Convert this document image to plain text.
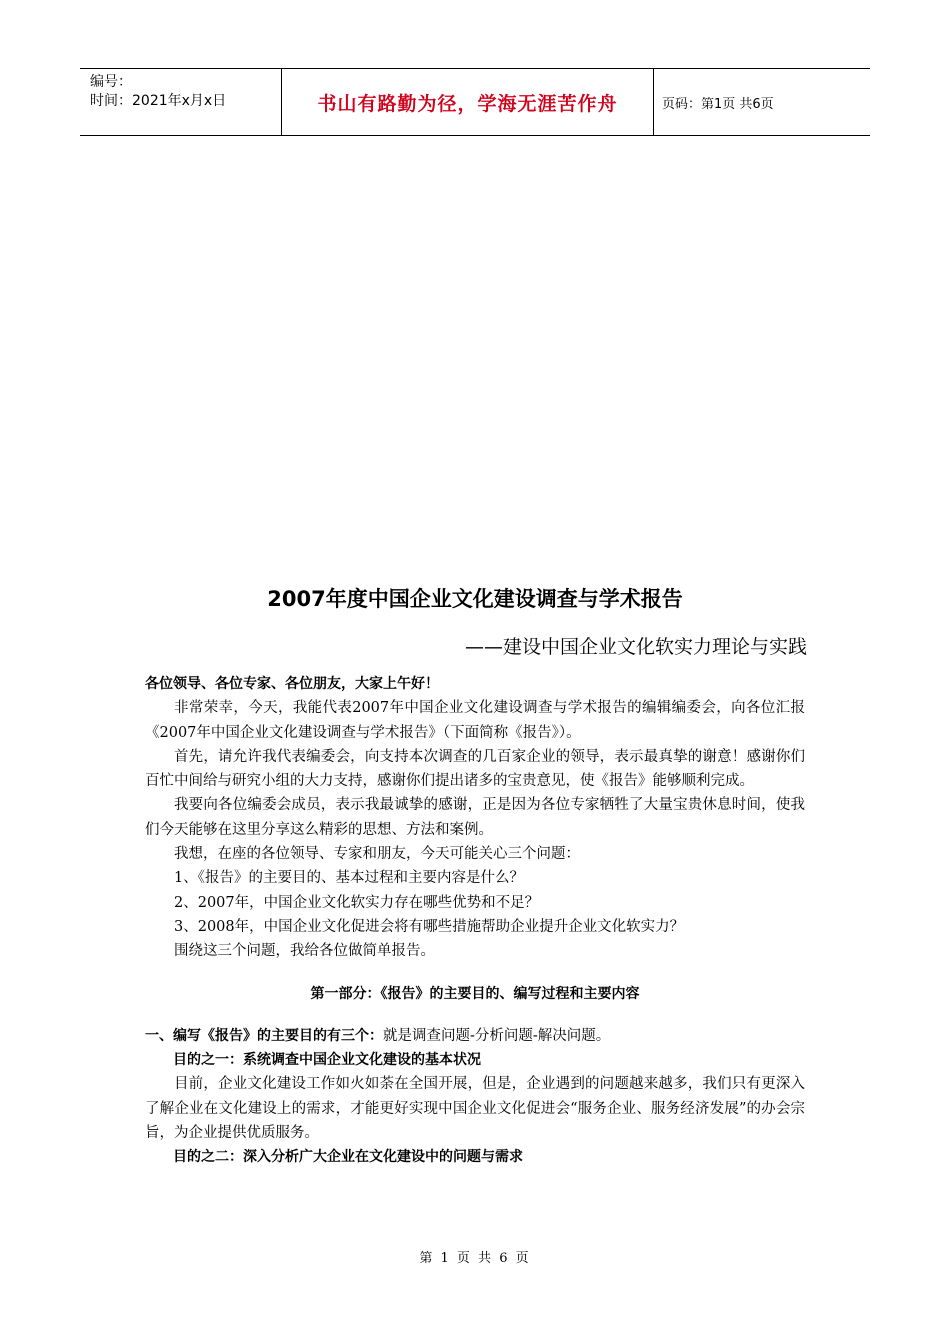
编号：
时间：2021年x月x日	书山有路勤为径，学海无涯苦作舟	页码：第1页 共6页
2007年度中国企业文化建设调查与学术报告
——建设中国企业文化软实力理论与实践

各位领导、各位专家、各位朋友，大家上午好！

非常荣幸，今天，我能代表2007年中国企业文化建设调查与学术报告的编辑编委会，向各位汇报《2007年中国企业文化建设调查与学术报告》（下面简称《报告》）。

首先，请允许我代表编委会，向支持本次调查的几百家企业的领导，表示最真挚的谢意！感谢你们百忙中间给与研究小组的大力支持，感谢你们提出诸多的宝贵意见，使《报告》能够顺利完成。

我要向各位编委会成员，表示我最诚挚的感谢，正是因为各位专家牺牲了大量宝贵休息时间，使我们今天能够在这里分享这么精彩的思想、方法和案例。

我想，在座的各位领导、专家和朋友，今天可能关心三个问题：

1、《报告》的主要目的、基本过程和主要内容是什么？

2、2007年，中国企业文化软实力存在哪些优势和不足？

3、2008年，中国企业文化促进会将有哪些措施帮助企业提升企业文化软实力？

围绕这三个问题，我给各位做简单报告。

第一部分：《报告》的主要目的、编写过程和主要内容

一、编写《报告》的主要目的有三个：就是调查问题-分析问题-解决问题。

目的之一：系统调查中国企业文化建设的基本状况

目前，企业文化建设工作如火如荼在全国开展，但是，企业遇到的问题越来越多，我们只有更深入了解企业在文化建设上的需求，才能更好实现中国企业文化促进会“服务企业、服务经济发展”的办会宗旨，为企业提供优质服务。

目的之二：深入分析广大企业在文化建设中的问题与需求

第 1 页 共 6 页
